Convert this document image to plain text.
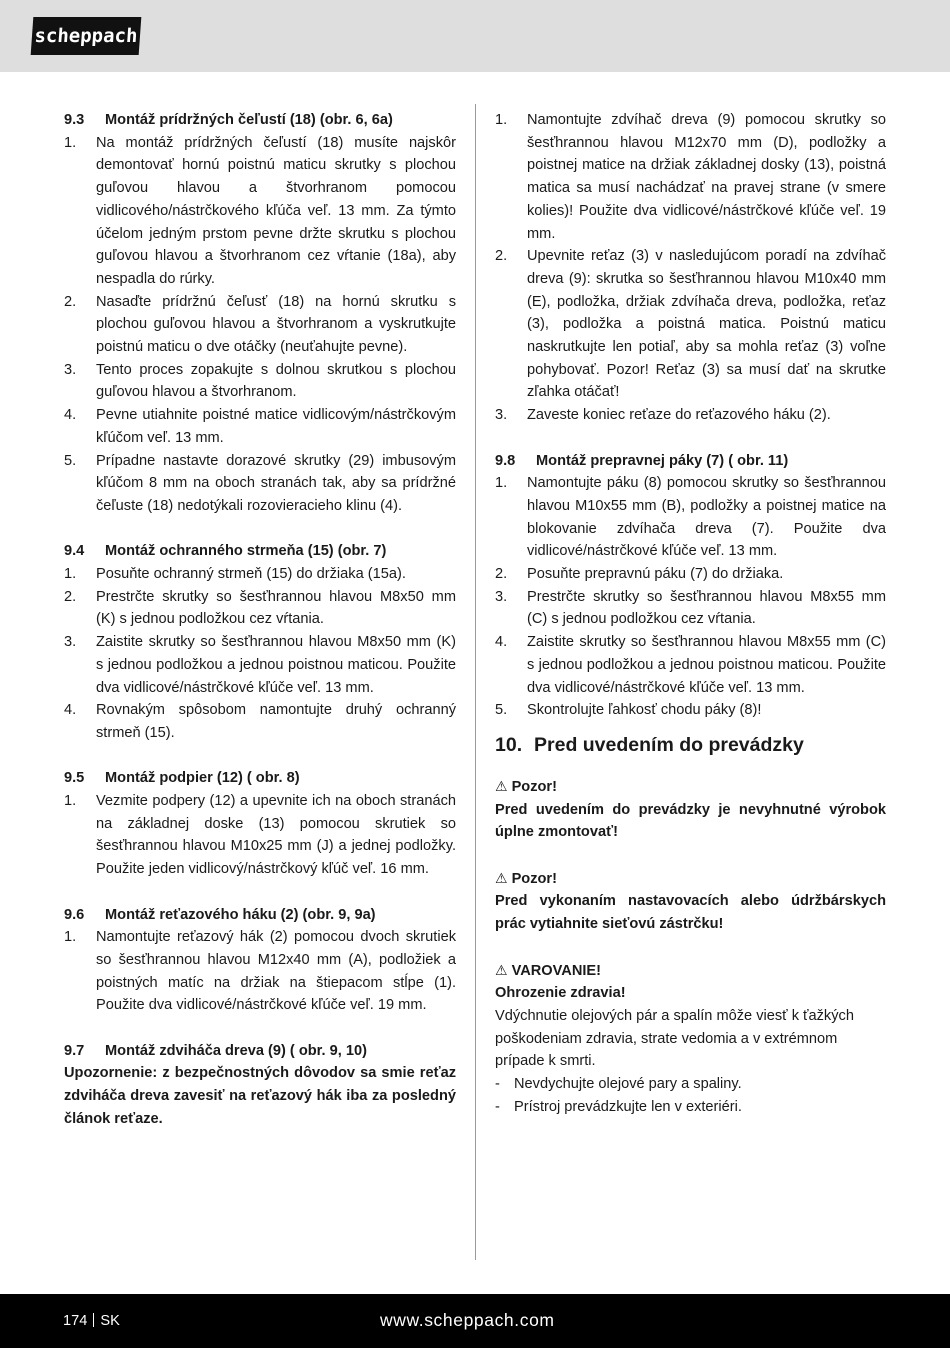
scheppach
9.3	Montáž prídržných čeľustí (18) (obr. 6, 6a)
1.	Na montáž prídržných čeľustí (18) musíte najskôr demontovať hornú poistnú maticu skrutky s plochou guľovou hlavou a štvorhranom pomocou vidlicového/nástrčkového kľúča veľ. 13 mm. Za týmto účelom jedným prstom pevne držte skrutku s plochou guľovou hlavou a štvorhranom cez vŕtanie (18a), aby nespadla do rúrky.
2.	Nasaďte prídržnú čeľusť (18) na hornú skrutku s plochou guľovou hlavou a štvorhranom a vyskrutkujte poistnú maticu o dve otáčky (neuťahujte pevne).
3.	Tento proces zopakujte s dolnou skrutkou s plochou guľovou hlavou a štvorhranom.
4.	Pevne utiahnite poistné matice vidlicovým/nástrčkovým kľúčom veľ. 13 mm.
5.	Prípadne nastavte dorazové skrutky (29) imbusovým kľúčom 8 mm na oboch stranách tak, aby sa prídržné čeľuste (18) nedotýkali rozovieracieho klinu (4).
9.4	Montáž ochranného strmeňa (15) (obr. 7)
1.	Posuňte ochranný strmeň (15) do držiaka (15a).
2.	Prestrčte skrutky so šesťhrannou hlavou M8x50 mm (K) s jednou podložkou cez vŕtania.
3.	Zaistite skrutky so šesťhrannou hlavou M8x50 mm (K) s jednou podložkou a jednou poistnou maticou. Použite dva vidlicové/nástrčkové kľúče veľ. 13 mm.
4.	Rovnakým spôsobom namontujte druhý ochranný strmeň (15).
9.5	Montáž podpier (12) ( obr. 8)
1.	Vezmite podpery (12) a upevnite ich na oboch stranách na základnej doske (13) pomocou skrutiek so šesťhrannou hlavou M10x25 mm (J) a jednej podložky. Použite jeden vidlicový/nástrčkový kľúč veľ. 16 mm.
9.6	Montáž reťazového háku (2) (obr. 9, 9a)
1.	Namontujte reťazový hák (2) pomocou dvoch skrutiek so šesťhrannou hlavou M12x40 mm (A), podložiek a poistných matíc na držiak na štiepacom stĺpe (1). Použite dva vidlicové/nástrčkové kľúče veľ. 19 mm.
9.7	Montáž zdviháča dreva (9) ( obr. 9, 10)
Upozornenie: z bezpečnostných dôvodov sa smie reťaz zdviháča dreva zavesiť na reťazový hák iba za posledný článok reťaze.
1.	Namontujte zdvíhač dreva (9) pomocou skrutky so šesťhrannou hlavou M12x70 mm (D), podložky a poistnej matice na držiak základnej dosky (13), poistná matica sa musí nachádzať na pravej strane (v smere kolies)! Použite dva vidlicové/nástrčkové kľúče veľ. 19 mm.
2.	Upevnite reťaz (3) v nasledujúcom poradí na zdvíhač dreva (9): skrutka so šesťhrannou hlavou M10x40 mm (E), podložka, držiak zdvíhača dreva, podložka, reťaz (3), podložka a poistná matica. Poistnú maticu naskrutkujte len potiaľ, aby sa mohla reťaz (3) voľne pohybovať. Pozor! Reťaz (3) sa musí dať na skrutke zľahka otáčať!
3.	Zaveste koniec reťaze do reťazového háku (2).
9.8	Montáž prepravnej páky (7) ( obr. 11)
1.	Namontujte páku (8) pomocou skrutky so šesťhrannou hlavou M10x55 mm (B), podložky a poistnej matice na blokovanie zdvíhača dreva (7). Použite dva vidlicové/nástrčkové kľúče veľ. 13 mm.
2.	Posuňte prepravnú páku (7) do držiaka.
3.	Prestrčte skrutky so šesťhrannou hlavou M8x55 mm (C) s jednou podložkou cez vŕtania.
4.	Zaistite skrutky so šesťhrannou hlavou M8x55 mm (C) s jednou podložkou a jednou poistnou maticou. Použite dva vidlicové/nástrčkové kľúče veľ. 13 mm.
5.	Skontrolujte ľahkosť chodu páky (8)!
10. Pred uvedením do prevádzky
⚠ Pozor!
Pred uvedením do prevádzky je nevyhnutné výrobok úplne zmontovať!
⚠ Pozor!
Pred vykonaním nastavovacích alebo údržbárskych prác vytiahnite sieťovú zástrčku!
⚠ VAROVANIE!
Ohrozenie zdravia!
Vdýchnutie olejových pár a spalín môže viesť k ťažkých poškodeniam zdravia, strate vedomia a v extrémnom prípade k smrti.
- Nevdychujte olejové pary a spaliny.
- Prístroj prevádzkujte len v exteriéri.
174 SK	www.scheppach.com
